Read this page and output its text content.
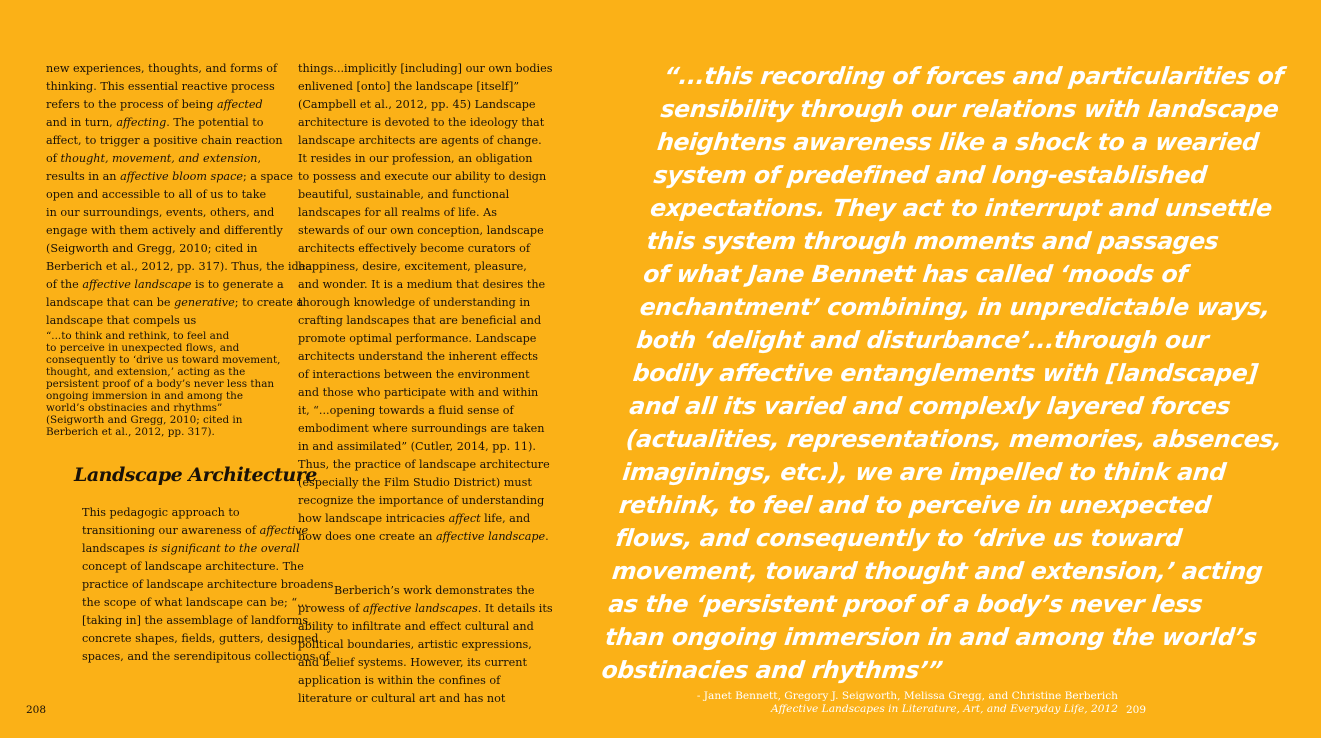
new experiences, thoughts, and forms of
thinking. This essential reactive process
refers to the process of being affected
and in turn, affecting. The potential to
affect, to trigger a positive chain reaction
of thought, movement, and extension,
results in an affective bloom space; a space
open and accessible to all of us to take
in our surroundings, events, others, and
engage with them actively and differently
(Seigworth and Gregg, 2010; cited in
Berberich et al., 2012, pp. 317). Thus, the idea
of the affective landscape is to generate a
landscape that can be generative; to create a
landscape that compels us

“...to think and rethink, to feel and
to perceive in unexpected flows, and
consequently to ‘drive us toward movement,
thought, and extension,’ acting as the
persistent proof of a body’s never less than
ongoing immersion in and among the
world’s obstinacies and rhythms”

(Seigworth and Gregg, 2010; cited in
Berberich et al., 2012, pp. 317).

Landscape Architecture

This pedagogic approach to
transitioning our awareness of affective
landscapes is significant to the overall
concept of landscape architecture. The
practice of landscape architecture broadens
the scope of what landscape can be; “...
[taking in] the assemblage of landforms,
concrete shapes, fields, gutters, designed
spaces, and the serendipitous collections of

things...implicitly [including] our own bodies
enlivened [onto] the landscape [itself]”
(Campbell et al., 2012, pp. 45) Landscape
architecture is devoted to the ideology that
landscape architects are agents of change.
It resides in our profession, an obligation
to possess and execute our ability to design
beautiful, sustainable, and functional
landscapes for all realms of life. As
stewards of our own conception, landscape
architects effectively become curators of
happiness, desire, excitement, pleasure,
and wonder. It is a medium that desires the
thorough knowledge of understanding in
crafting landscapes that are beneficial and
promote optimal performance. Landscape
architects understand the inherent effects
of interactions between the environment
and those who participate with and within
it, “...opening towards a fluid sense of
embodiment where surroundings are taken
in and assimilated” (Cutler, 2014, pp. 11).
Thus, the practice of landscape architecture
(especially the Film Studio District) must
recognize the importance of understanding
how landscape intricacies affect life, and
how does one create an affective landscape.

Berberich’s work demonstrates the
prowess of affective landscapes. It details its
ability to infiltrate and effect cultural and
political boundaries, artistic expressions,
and belief systems. However, its current
application is within the confines of
literature or cultural art and has not

“...this recording of forces and particularities of
sensibility through our relations with landscape
heightens awareness like a shock to a wearied
system of predefined and long-established
expectations. They act to interrupt and unsettle
this system through moments and passages
of what Jane Bennett has called ‘moods of
enchantment’ combining, in unpredictable ways,
both ‘delight and disturbance’...through our
bodily affective entanglements with [landscape]
and all its varied and complexly layered forces
(actualities, representations, memories, absences,
imaginings, etc.), we are impelled to think and
rethink, to feel and to perceive in unexpected
flows, and consequently to ‘drive us toward
movement, toward thought and extension,’ acting
as the ‘persistent proof of a body’s never less
than ongoing immersion in and among the world’s
obstinacies and rhythms’”
- Janet Bennett, Gregory J. Seigworth, Melissa Gregg, and Christine Berberich
Affective Landscapes in Literature, Art, and Everyday Life, 2012
208	209
